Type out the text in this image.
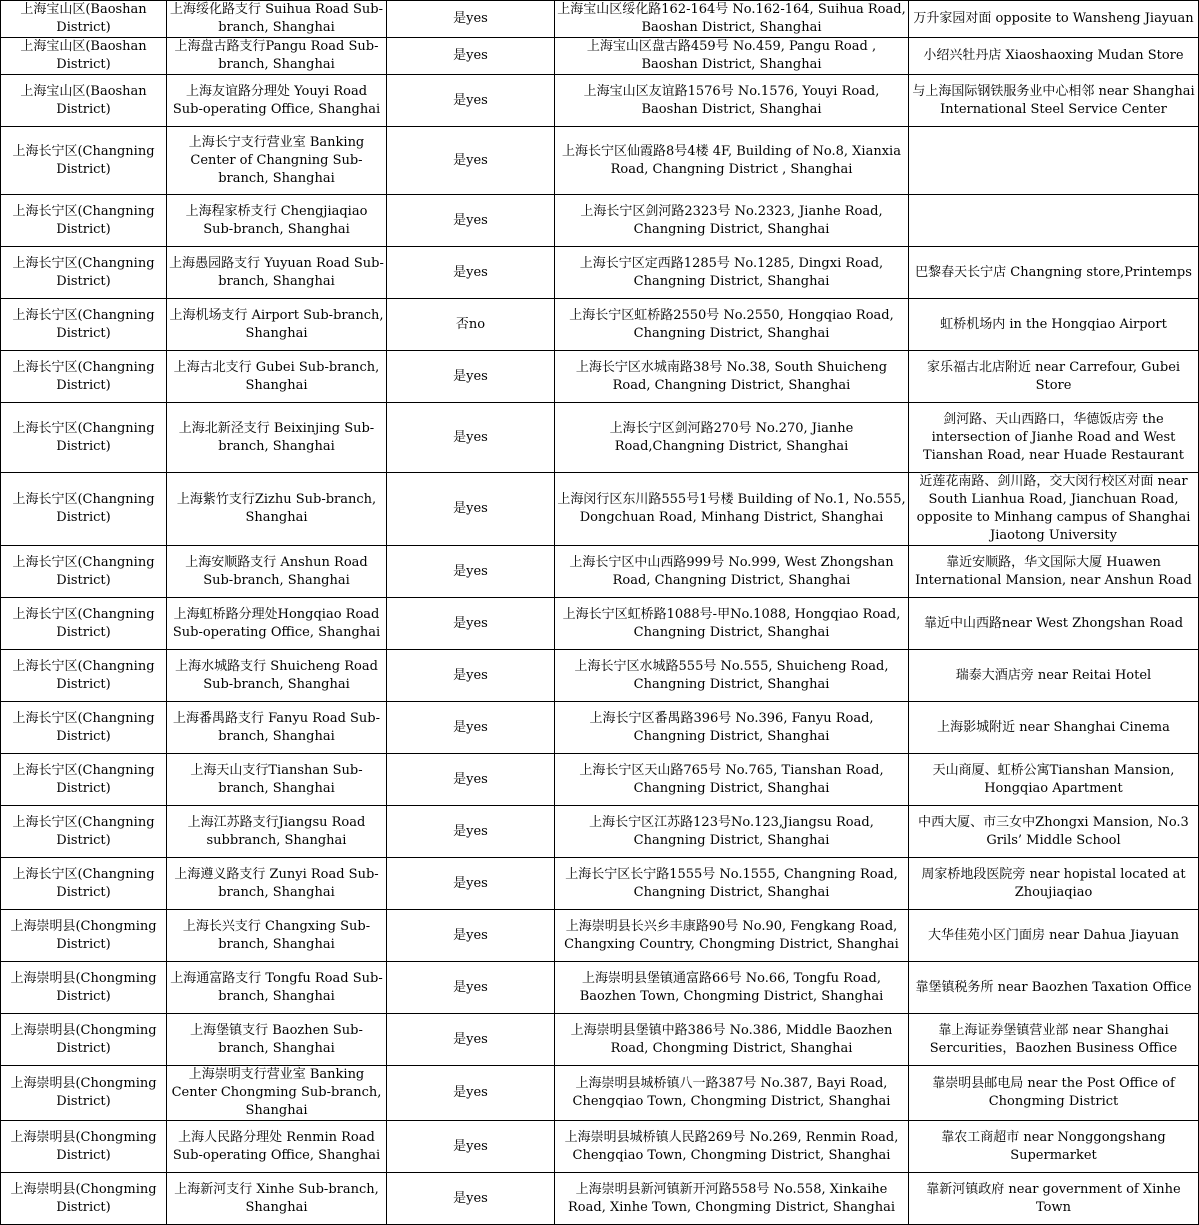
上海宝山区(Baoshan District)	上海绥化路支行 Suihua Road Sub-branch, Shanghai	是yes	上海宝山区绥化路162-164号 No.162-164, Suihua Road, Baoshan District, Shanghai	万升家园对面 opposite to Wansheng Jiayuan
上海宝山区(Baoshan District)	上海盘古路支行Pangu Road Sub-branch, Shanghai	是yes	上海宝山区盘古路459号 No.459, Pangu Road , Baoshan District, Shanghai	小绍兴牡丹店 Xiaoshaoxing Mudan Store
上海宝山区(Baoshan District)	上海友谊路分理处 Youyi Road Sub-operating Office, Shanghai	是yes	上海宝山区友谊路1576号 No.1576, Youyi Road, Baoshan District, Shanghai	与上海国际钢铁服务业中心相邻 near Shanghai International Steel Service Center
上海长宁区(Changning District)	上海长宁支行营业室 Banking Center of Changning Sub-branch, Shanghai	是yes	上海长宁区仙霞路8号4楼 4F, Building of No.8, Xianxia Road, Changning District , Shanghai	
上海长宁区(Changning District)	上海程家桥支行 Chengjiaqiao Sub-branch, Shanghai	是yes	上海长宁区剑河路2323号 No.2323, Jianhe Road, Changning District, Shanghai	
上海长宁区(Changning District)	上海愚园路支行 Yuyuan Road Sub-branch, Shanghai	是yes	上海长宁区定西路1285号 No.1285, Dingxi Road, Changning District, Shanghai	巴黎春天长宁店 Changning store,Printemps
上海长宁区(Changning District)	上海机场支行 Airport Sub-branch, Shanghai	否no	上海长宁区虹桥路2550号 No.2550, Hongqiao Road, Changning District, Shanghai	虹桥机场内 in the Hongqiao Airport
上海长宁区(Changning District)	上海古北支行 Gubei Sub-branch, Shanghai	是yes	上海长宁区水城南路38号 No.38, South Shuicheng Road, Changning District, Shanghai	家乐福古北店附近 near Carrefour, Gubei Store
上海长宁区(Changning District)	上海北新泾支行 Beixinjing Sub-branch, Shanghai	是yes	上海长宁区剑河路270号 No.270, Jianhe Road,Changning District, Shanghai	剑河路、天山西路口，华德饭店旁 the intersection of Jianhe Road and West Tianshan Road, near Huade Restaurant
上海长宁区(Changning District)	上海紫竹支行Zizhu Sub-branch, Shanghai	是yes	上海闵行区东川路555号1号楼 Building of No.1, No.555, Dongchuan Road, Minhang District, Shanghai	近莲花南路、剑川路，交大闵行校区对面 near South Lianhua Road, Jianchuan Road, opposite to Minhang campus of Shanghai Jiaotong University
上海长宁区(Changning District)	上海安顺路支行 Anshun Road Sub-branch, Shanghai	是yes	上海长宁区中山西路999号 No.999, West Zhongshan Road, Changning District, Shanghai	靠近安顺路，华文国际大厦 Huawen International Mansion, near Anshun Road
上海长宁区(Changning District)	上海虹桥路分理处Hongqiao Road Sub-operating Office, Shanghai	是yes	上海长宁区虹桥路1088号-甲No.1088, Hongqiao Road, Changning District, Shanghai	靠近中山西路near West Zhongshan Road
上海长宁区(Changning District)	上海水城路支行 Shuicheng Road Sub-branch, Shanghai	是yes	上海长宁区水城路555号 No.555, Shuicheng Road, Changning District, Shanghai	瑞泰大酒店旁 near Reitai Hotel
上海长宁区(Changning District)	上海番禺路支行 Fanyu Road Sub-branch, Shanghai	是yes	上海长宁区番禺路396号 No.396, Fanyu Road, Changning District, Shanghai	上海影城附近 near Shanghai Cinema
上海长宁区(Changning District)	上海天山支行Tianshan Sub-branch, Shanghai	是yes	上海长宁区天山路765号 No.765, Tianshan Road, Changning District, Shanghai	天山商厦、虹桥公寓Tianshan Mansion, Hongqiao Apartment
上海长宁区(Changning District)	上海江苏路支行Jiangsu Road subbranch, Shanghai	是yes	上海长宁区江苏路123号No.123,Jiangsu Road, Changning District, Shanghai	中西大厦、市三女中Zhongxi Mansion, No.3 Grils’ Middle School
上海长宁区(Changning District)	上海遵义路支行 Zunyi Road Sub-branch, Shanghai	是yes	上海长宁区长宁路1555号 No.1555, Changning Road, Changning District, Shanghai	周家桥地段医院旁 near hopistal located at Zhoujiaqiao
上海崇明县(Chongming District)	上海长兴支行 Changxing Sub-branch, Shanghai	是yes	上海崇明县长兴乡丰康路90号 No.90, Fengkang Road, Changxing Country, Chongming District, Shanghai	大华佳苑小区门面房 near Dahua Jiayuan
上海崇明县(Chongming District)	上海通富路支行 Tongfu Road Sub-branch, Shanghai	是yes	上海崇明县堡镇通富路66号 No.66, Tongfu Road, Baozhen Town, Chongming District, Shanghai	靠堡镇税务所 near Baozhen Taxation Office
上海崇明县(Chongming District)	上海堡镇支行 Baozhen Sub-branch, Shanghai	是yes	上海崇明县堡镇中路386号 No.386, Middle Baozhen Road, Chongming District, Shanghai	靠上海证券堡镇营业部 near Shanghai Sercurities，Baozhen Business Office
上海崇明县(Chongming District)	上海崇明支行营业室 Banking Center Chongming Sub-branch, Shanghai	是yes	上海崇明县城桥镇八一路387号 No.387, Bayi Road, Chengqiao Town, Chongming District, Shanghai	靠崇明县邮电局 near the Post Office of Chongming District
上海崇明县(Chongming District)	上海人民路分理处 Renmin Road Sub-operating Office, Shanghai	是yes	上海崇明县城桥镇人民路269号 No.269, Renmin Road, Chengqiao Town, Chongming District, Shanghai	靠农工商超市 near Nonggongshang Supermarket
上海崇明县(Chongming District)	上海新河支行 Xinhe Sub-branch, Shanghai	是yes	上海崇明县新河镇新开河路558号 No.558, Xinkaihe Road, Xinhe Town, Chongming District, Shanghai	靠新河镇政府 near government of Xinhe Town
